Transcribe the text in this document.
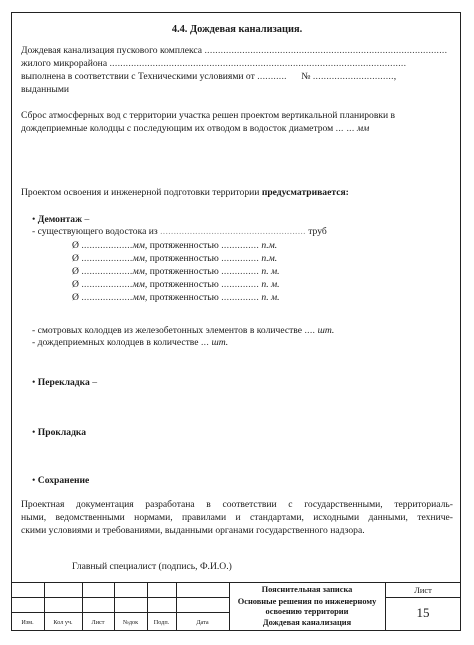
4.4. Дождевая канализация.
Дождевая канализация пускового комплекса ..........................................................................................
жилого микрорайона ..............................................................................................................
выполнена в соответствии с Техническими условиями от ........... № ..............................,
выданными
Сброс атмосферных вод с территории участка решен проектом вертикальной планировки в
дождеприемные колодцы с последующим их отводом в водосток диаметром ... ... мм
Проектом освоения и инженерной подготовки территории предусматривается:
• Демонтаж –
- существующего водостока из ...................................................... труб
Ø ...................мм, протяженностью .............. п.м.
Ø ...................мм, протяженностью .............. п.м.
Ø ...................мм, протяженностью .............. п. м.
Ø ...................мм, протяженностью .............. п. м.
Ø ...................мм, протяженностью .............. п. м.
- смотровых колодцев из железобетонных элементов в количестве .... шт.
- дождеприемных колодцев в количестве ... шт.
• Перекладка –
• Прокладка
• Сохранение
Проектная документация разработана в соответствии с государственными, территориаль-
ными, ведомственными нормами, правилами и стандартами, исходными данными, техниче-
скими условиями и требованиями, выданными органами государственного надзора.
Главный специалист (подпись, Ф.И.О.)
Изм.	Кол уч.	Лист	№док	Подп.	Дата
Пояснительная записка
Основные решения по инженерному
освоению территории
Дождевая канализация
Лист
15
